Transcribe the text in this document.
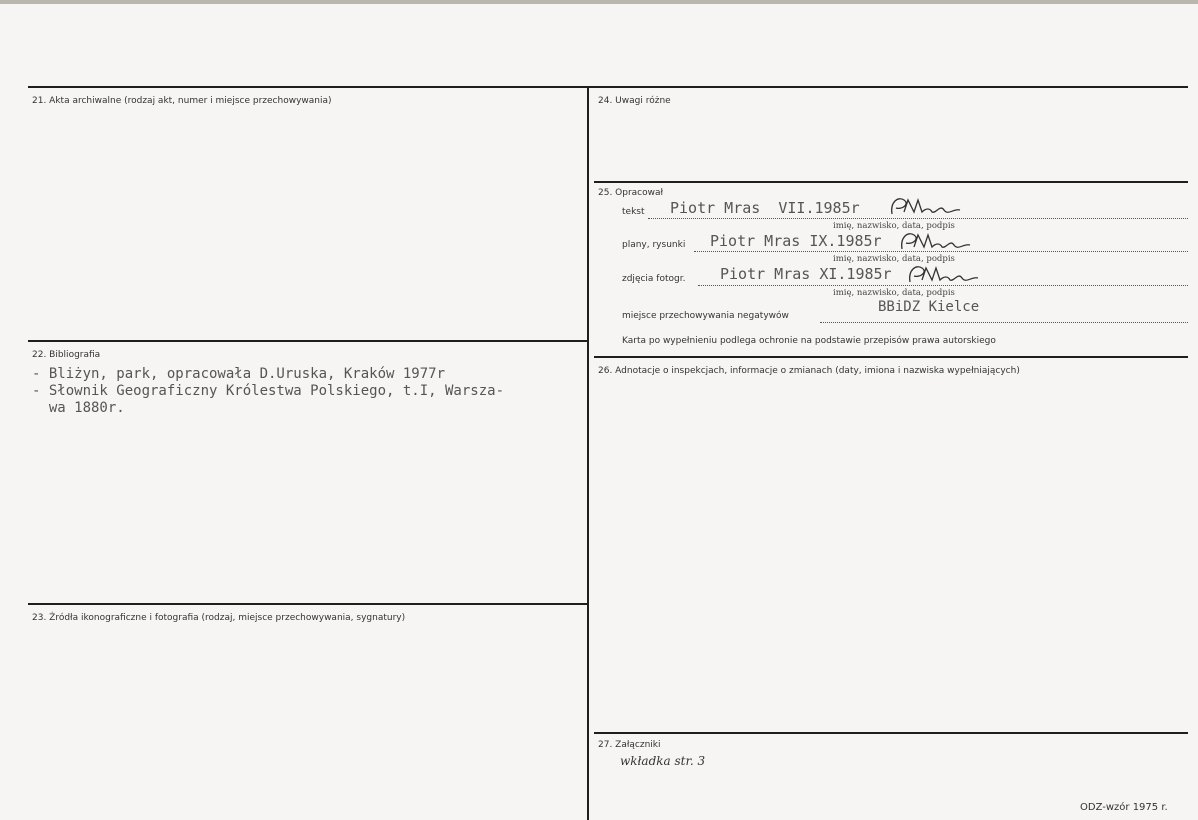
21. Akta archiwalne (rodzaj akt, numer i miejsce przechowywania)
22. Bibliografia
- Bliżyn, park, opracowała D.Uruska, Kraków 1977r
- Słownik Geograficzny Królestwa Polskiego, t.I, Warsza-
wa 1880r.
23. Źródła ikonograficzne i fotografia (rodzaj, miejsce przechowywania, sygnatury)
24. Uwagi różne
25. Opracował
tekst Piotr Mras  VII.1985r
imię, nazwisko, data, podpis
plany, rysunki Piotr Mras IX.1985r
imię, nazwisko, data, podpis
zdjęcia fotogr. Piotr Mras XI.1985r
imię, nazwisko, data, podpis
miejsce przechowywania negatywów
BBiDZ Kielce
Karta po wypełnieniu podlega ochronie na podstawie przepisów prawa autorskiego
26. Adnotacje o inspekcjach, informacje o zmianach (daty, imiona i nazwiska wypełniających)
27. Załączniki
wkładka str. 3
ODZ-wzór 1975 r.
